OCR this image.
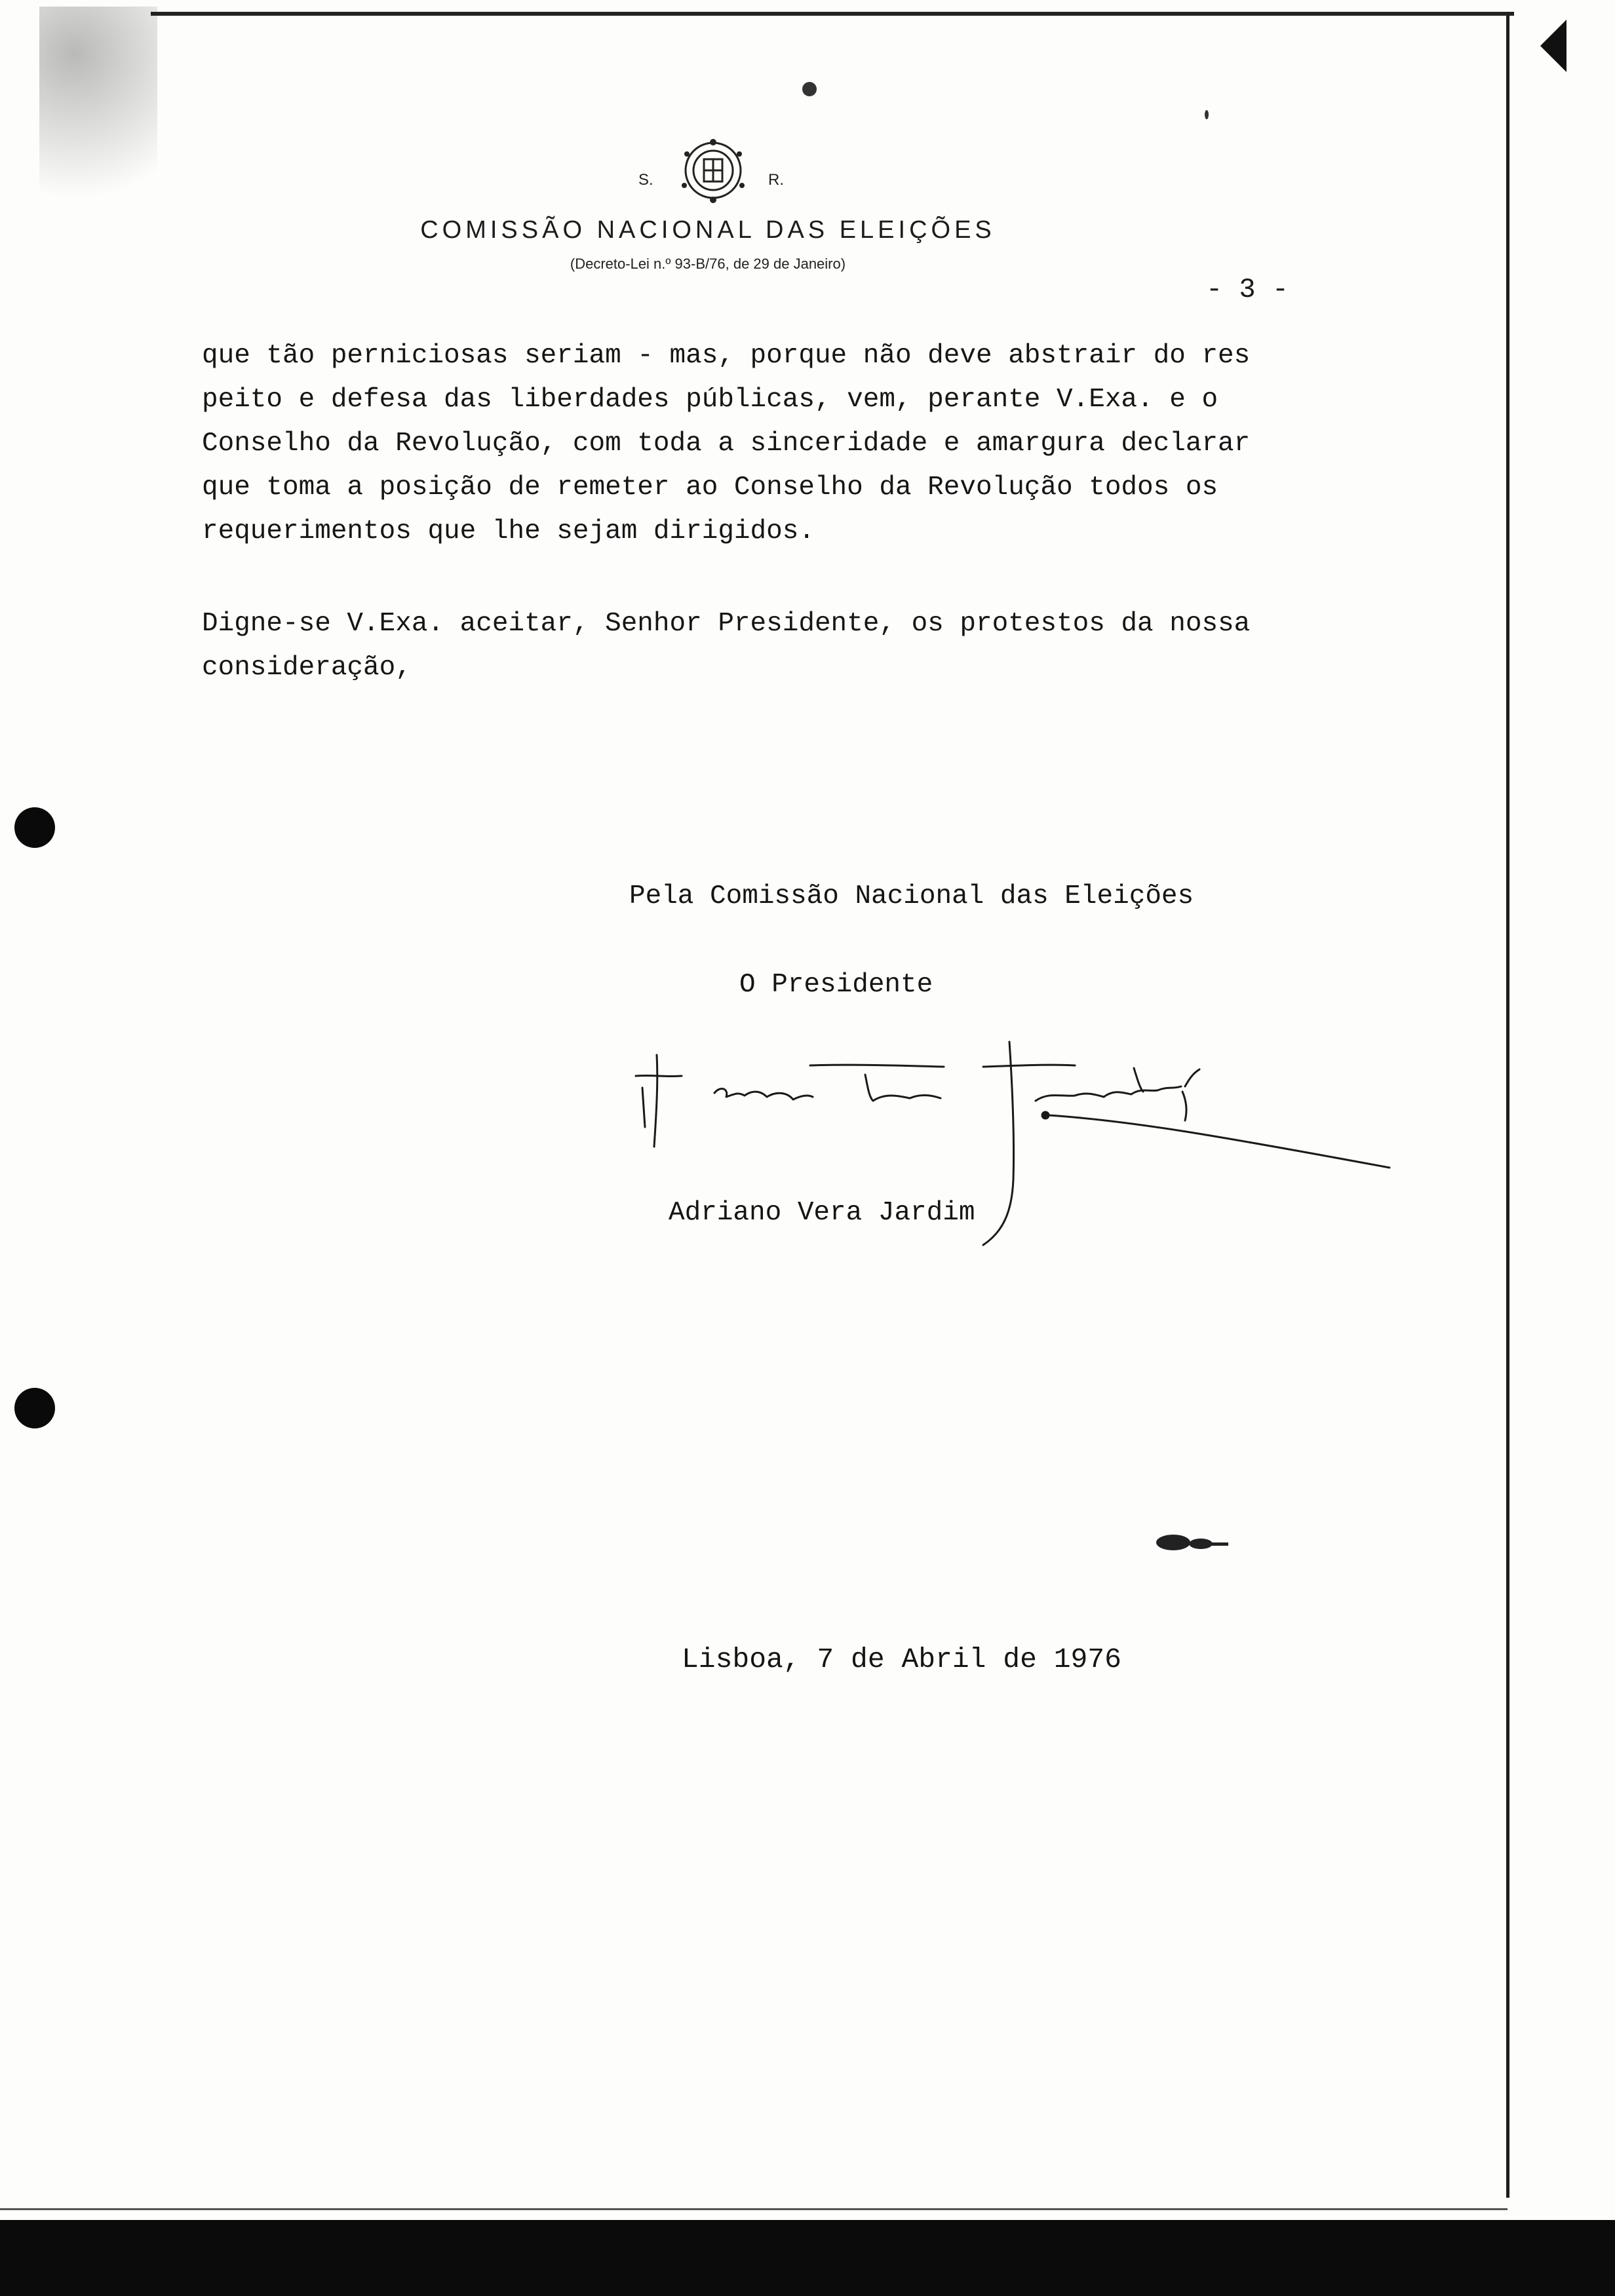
S.	R.
COMISSÃO NACIONAL DAS ELEIÇÕES
(Decreto-Lei n.º 93-B/76, de 29 de Janeiro)
- 3 -

que tão perniciosas seriam - mas, porque não deve abstrair do res

peito e defesa das liberdades públicas, vem, perante V.Exa. e o

Conselho da Revolução, com toda a sinceridade e amargura declarar

que toma a posição de remeter ao Conselho da Revolução todos os

requerimentos que lhe sejam dirigidos.

Digne-se V.Exa. aceitar, Senhor Presidente, os protestos da nossa

consideração,

Pela Comissão Nacional das Eleições
O Presidente
Adriano Vera Jardim
Lisboa, 7 de Abril de 1976
